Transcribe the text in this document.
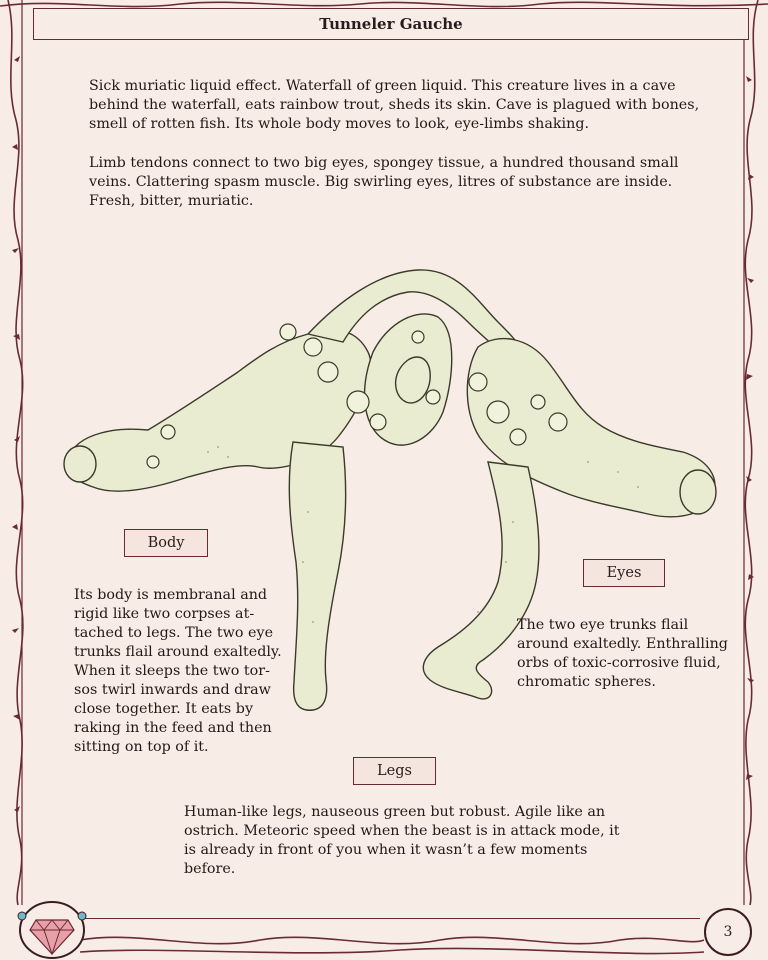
Tunneler Gauche
Sick muriatic liquid effect. Waterfall of green liquid. This creature lives in a cave behind the waterfall, eats rainbow trout, sheds its skin. Cave is plagued with bones, smell of rotten fish. Its whole body moves to look, eye-limbs shaking.
Limb tendons connect to two big eyes, spongey tissue, a hundred thousand small veins. Clattering spasm muscle. Big swirling eyes, litres of substance are inside. Fresh, bitter, muriatic.
Body
Its body is membranal and rigid like two corpses at-tached to legs. The two eye trunks flail around exaltedly. When it sleeps the two tor-sos twirl inwards and draw close together. It eats by raking in the feed and then sitting on top of it.
Eyes
The two eye trunks flail around exaltedly. Enthralling orbs of toxic-corrosive fluid, chromatic spheres.
Legs
Human-like legs, nauseous green but robust. Agile like an ostrich. Meteoric speed when the beast is in attack mode, it is already in front of you when it wasn’t a few moments before.
3
